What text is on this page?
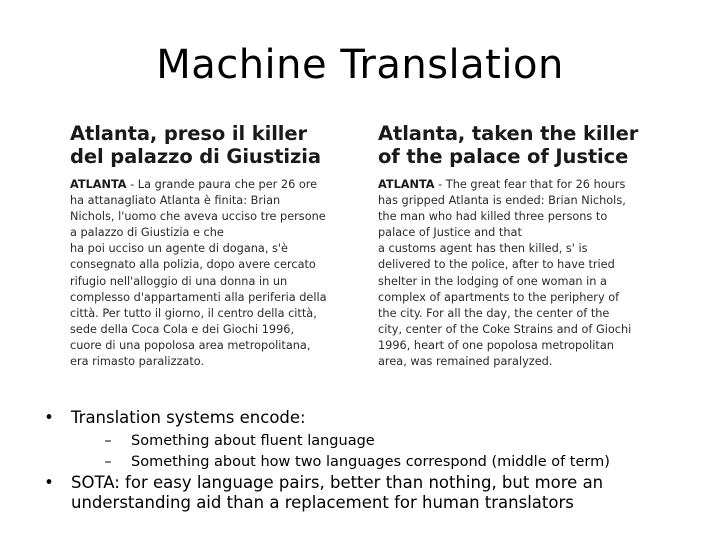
Machine Translation
Atlanta, preso il killer
del palazzo di Giustizia
ATLANTA - La grande paura che per 26 ore
ha attanagliato Atlanta è finita: Brian
Nichols, l'uomo che aveva ucciso tre persone
a palazzo di Giustizia e che
ha poi ucciso un agente di dogana, s'è
consegnato alla polizia, dopo avere cercato
rifugio nell'alloggio di una donna in un
complesso d'appartamenti alla periferia della
città. Per tutto il giorno, il centro della città,
sede della Coca Cola e dei Giochi 1996,
cuore di una popolosa area metropolitana,
era rimasto paralizzato.
Atlanta, taken the killer
of the palace of Justice
ATLANTA - The great fear that for 26 hours
has gripped Atlanta is ended: Brian Nichols,
the man who had killed three persons to
palace of Justice and that
a customs agent has then killed, s' is
delivered to the police, after to have tried
shelter in the lodging of one woman in a
complex of apartments to the periphery of
the city. For all the day, the center of the
city, center of the Coke Strains and of Giochi
1996, heart of one popolosa metropolitan
area, was remained paralyzed.
• Translation systems encode:
– Something about fluent language
– Something about how two languages correspond (middle of term)
• SOTA: for easy language pairs, better than nothing, but more an understanding aid than a replacement for human translators
